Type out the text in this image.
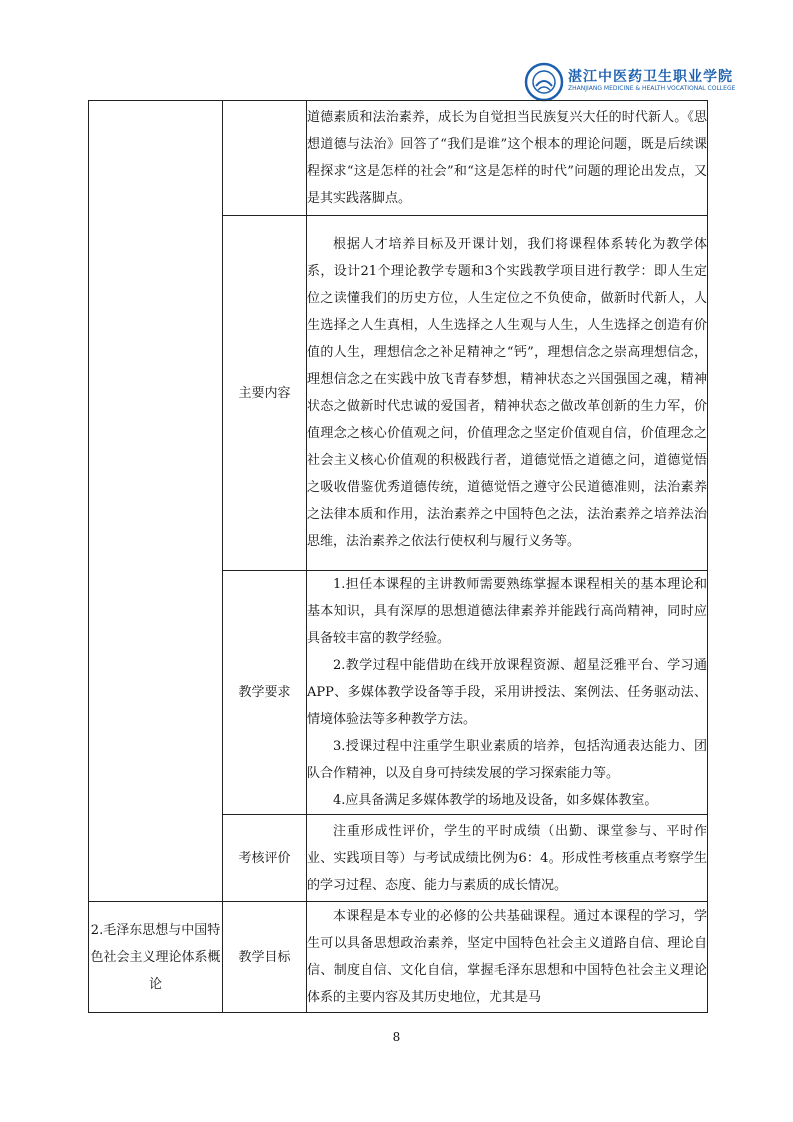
湛江中医药卫生职业学院
ZHANJIANG MEDICINE & HEALTH VOCATIONAL COLLEGE

		道德素质和法治素养，成长为自觉担当民族复兴大任的时代新人。《思想道德与法治》回答了“我们是谁”这个根本的理论问题，既是后续课程探求“这是怎样的社会”和“这是怎样的时代”问题的理论出发点，又是其实践落脚点。

	主要内容	根据人才培养目标及开课计划，我们将课程体系转化为教学体系，设计21个理论教学专题和3个实践教学项目进行教学：即人生定位之读懂我们的历史方位，人生定位之不负使命，做新时代新人，人生选择之人生真相，人生选择之人生观与人生，人生选择之创造有价值的人生，理想信念之补足精神之“钙”，理想信念之崇高理想信念，理想信念之在实践中放飞青春梦想，精神状态之兴国强国之魂，精神状态之做新时代忠诚的爱国者，精神状态之做改革创新的生力军，价值理念之核心价值观之问，价值理念之坚定价值观自信，价值理念之社会主义核心价值观的积极践行者，道德觉悟之道德之问，道德觉悟之吸收借鉴优秀道德传统，道德觉悟之遵守公民道德准则，法治素养之法律本质和作用，法治素养之中国特色之法，法治素养之培养法治思维，法治素养之依法行使权利与履行义务等。

	教学要求	1.担任本课程的主讲教师需要熟练掌握本课程相关的基本理论和基本知识，具有深厚的思想道德法律素养并能践行高尚精神，同时应具备较丰富的教学经验。

2.教学过程中能借助在线开放课程资源、超星泛雅平台、学习通APP、多媒体教学设备等手段，采用讲授法、案例法、任务驱动法、情境体验法等多种教学方法。

3.授课过程中注重学生职业素质的培养，包括沟通表达能力、团队合作精神，以及自身可持续发展的学习探索能力等。

4.应具备满足多媒体教学的场地及设备，如多媒体教室。

	考核评价	注重形成性评价，学生的平时成绩（出勤、课堂参与、平时作业、实践项目等）与考试成绩比例为6：4。形成性考核重点考察学生的学习过程、态度、能力与素质的成长情况。

2.毛泽东思想与中国特色社会主义理论体系概论	教学目标	本课程是本专业的必修的公共基础课程。通过本课程的学习，学生可以具备思想政治素养，坚定中国特色社会主义道路自信、理论自信、制度自信、文化自信，掌握毛泽东思想和中国特色社会主义理论体系的主要内容及其历史地位，尤其是马

8
